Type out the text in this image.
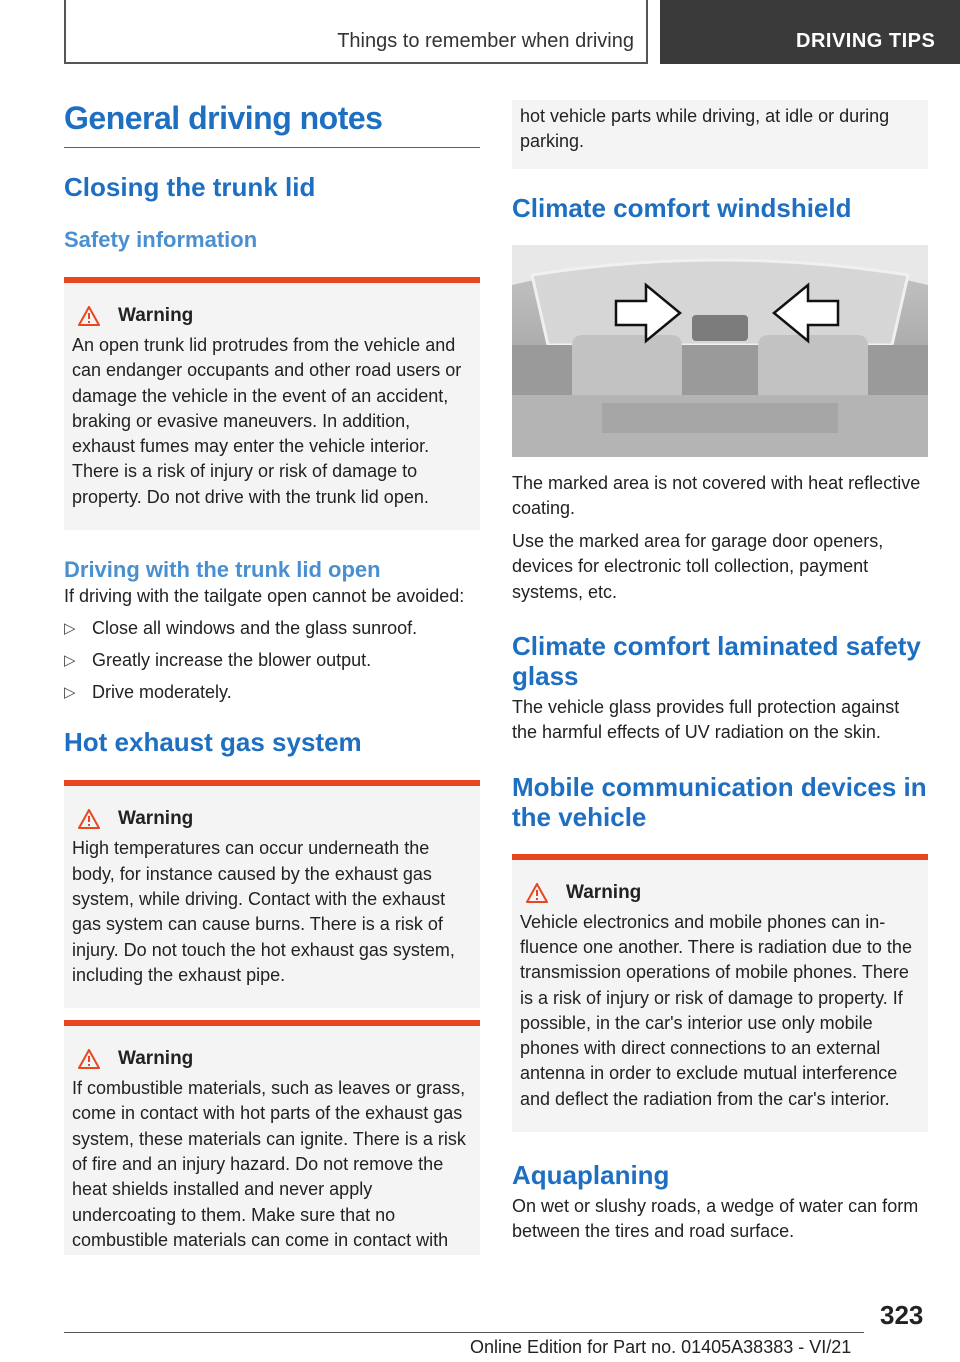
Things to remember when driving	DRIVING TIPS
General driving notes
Closing the trunk lid
Safety information
Warning

An open trunk lid protrudes from the vehicle and can endanger occupants and other road users or damage the vehicle in the event of an accident, braking or evasive maneuvers. In addition, exhaust fumes may enter the vehicle interior. There is a risk of injury or risk of damage to property. Do not drive with the trunk lid open.

Driving with the trunk lid open

If driving with the tailgate open cannot be avoided:

▷ Close all windows and the glass sunroof.
▷ Greatly increase the blower output.
▷ Drive moderately.
Hot exhaust gas system
Warning

High temperatures can occur underneath the body, for instance caused by the exhaust gas system, while driving. Contact with the exhaust gas system can cause burns. There is a risk of injury. Do not touch the hot exhaust gas system, including the exhaust pipe.

Warning

If combustible materials, such as leaves or grass, come in contact with hot parts of the exhaust gas system, these materials can ignite. There is a risk of fire and an injury hazard. Do not remove the heat shields installed and never apply undercoating to them. Make sure that no combustible materials can come in contact with

hot vehicle parts while driving, at idle or during parking.

Climate comfort windshield

The marked area is not covered with heat reflective coating.

Use the marked area for garage door openers, devices for electronic toll collection, payment systems, etc.

Climate comfort laminated safety glass

The vehicle glass provides full protection against the harmful effects of UV radiation on the skin.

Mobile communication devices in the vehicle
Warning

Vehicle electronics and mobile phones can influence one another. There is radiation due to the transmission operations of mobile phones. There is a risk of injury or risk of damage to property. If possible, in the car's interior use only mobile phones with direct connections to an external antenna in order to exclude mutual interference and deflect the radiation from the car's interior.

Aquaplaning

On wet or slushy roads, a wedge of water can form between the tires and road surface.

323
Online Edition for Part no. 01405A38383 - VI/21
